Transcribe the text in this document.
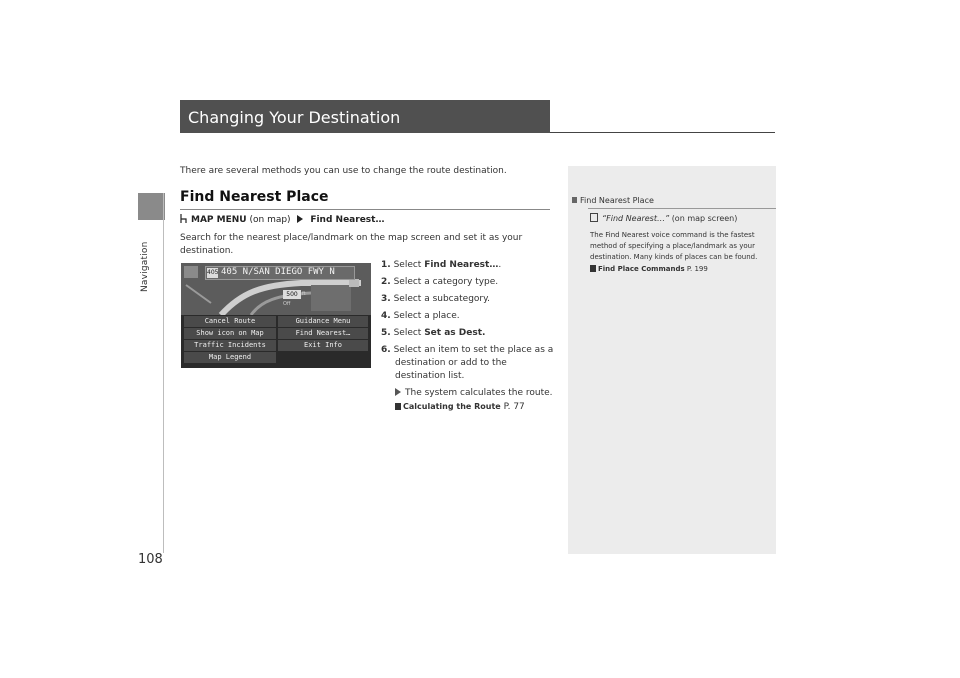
Navigation
108
Changing Your Destination
There are several methods you can use to change the route destination.
Find Nearest Place
MAP MENU (on map) Find Nearest…
Search for the nearest place/landmark on the map screen and set it as your destination.
405 405 N/SAN DIEGO FWY N
500 ft
Off
Cancel Route	Guidance Menu
Show icon on Map	Find Nearest…
Traffic Incidents	Exit Info
Map Legend
1. Select Find Nearest….
2. Select a category type.
3. Select a subcategory.
4. Select a place.
5. Select Set as Dest.
6. Select an item to set the place as a
destination or add to the
destination list.
The system calculates the route.
Calculating the Route P. 77
Find Nearest Place
“Find Nearest…” (on map screen)
The Find Nearest voice command is the fastest
method of specifying a place/landmark as your
destination. Many kinds of places can be found.
Find Place Commands P. 199
